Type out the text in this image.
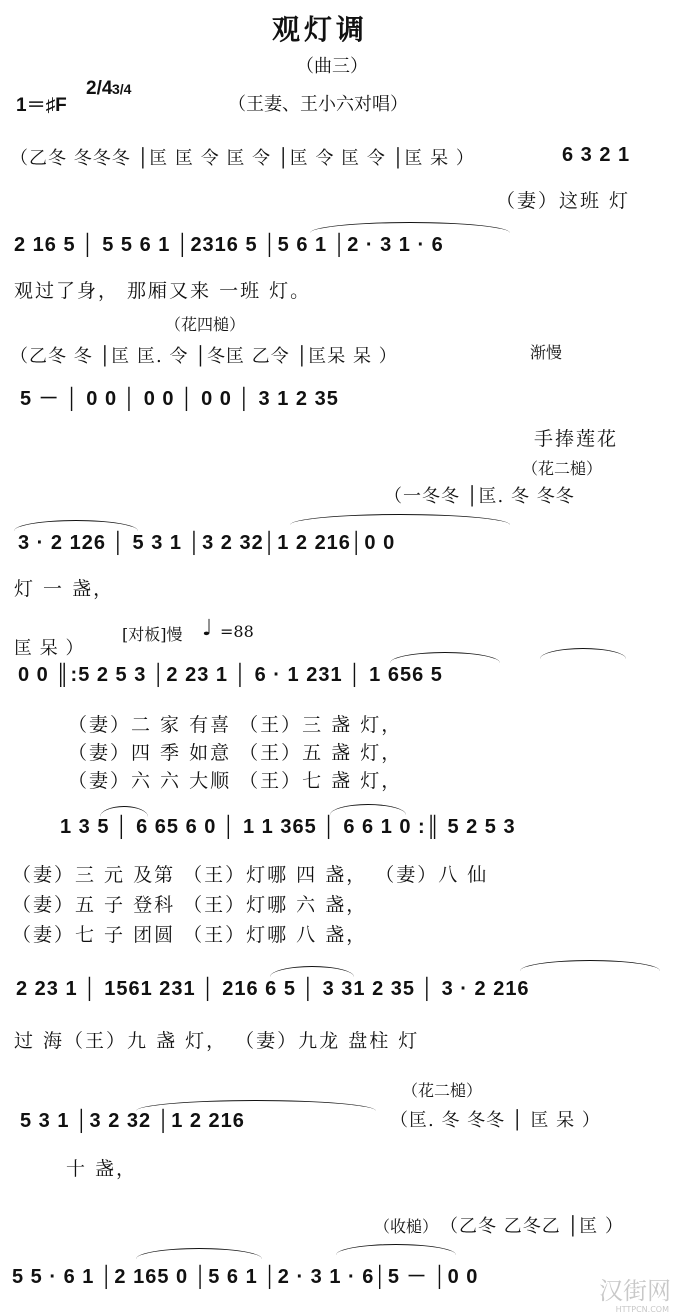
观灯调
（曲三）
1＝♯F
2/4 3/4
（王妻、王小六对唱）
（乙冬 冬冬冬 │匡 匡 令 匡 令 │匡 令 匡 令 │匡 呆 ）	6 3 2 1
（妻）这班 灯
2 16 5 │ 5 5 6 1 │2316 5 │5 6 1 │2 · 3 1 · 6
观过了身， 那厢又来 一班 灯。
（花四槌）
（乙冬 冬 │匡 匡. 令 │冬匡 乙令 │匡呆 呆 ）	渐慢
5 － │ 0 0 │ 0 0 │ 0 0 │ 3 1 2 35
手捧莲花
（花二槌）
（一冬冬 │匡. 冬 冬冬
3 · 2 126 │ 5 3 1 │3 2 32│1 2 216│0 0
灯 一 盏，
匡 呆 ）
[对板]慢 ♩ =88
0 0 ║:5 2 5 3 │2 23 1 │ 6 · 1 231 │ 1 656 5
（妻）二 家 有喜 （王）三 盏 灯，
（妻）四 季 如意 （王）五 盏 灯，
（妻）六 六 大顺 （王）七 盏 灯，
1 3 5 │ 6 65 6 0 │ 1 1 365 │ 6 6 1 0 :║ 5 2 5 3
（妻）三 元 及第 （王）灯哪 四 盏， （妻）八 仙
（妻）五 子 登科 （王）灯哪 六 盏，
（妻）七 子 团圆 （王）灯哪 八 盏，
2 23 1 │ 1561 231 │ 216 6 5 │ 3 31 2 35 │ 3 · 2 216
过 海（王）九 盏 灯， （妻）九龙 盘柱 灯
（花二槌）
（匡. 冬 冬冬 │ 匡 呆 ）
5 3 1 │3 2 32 │1 2 216
十 盏，
（收槌） （乙冬 乙冬乙 │匡 ）
5 5 · 6 1 │2 165 0 │5 6 1 │2 · 3 1 · 6│5 － │0 0	汉街网
HTTPCN.COM
